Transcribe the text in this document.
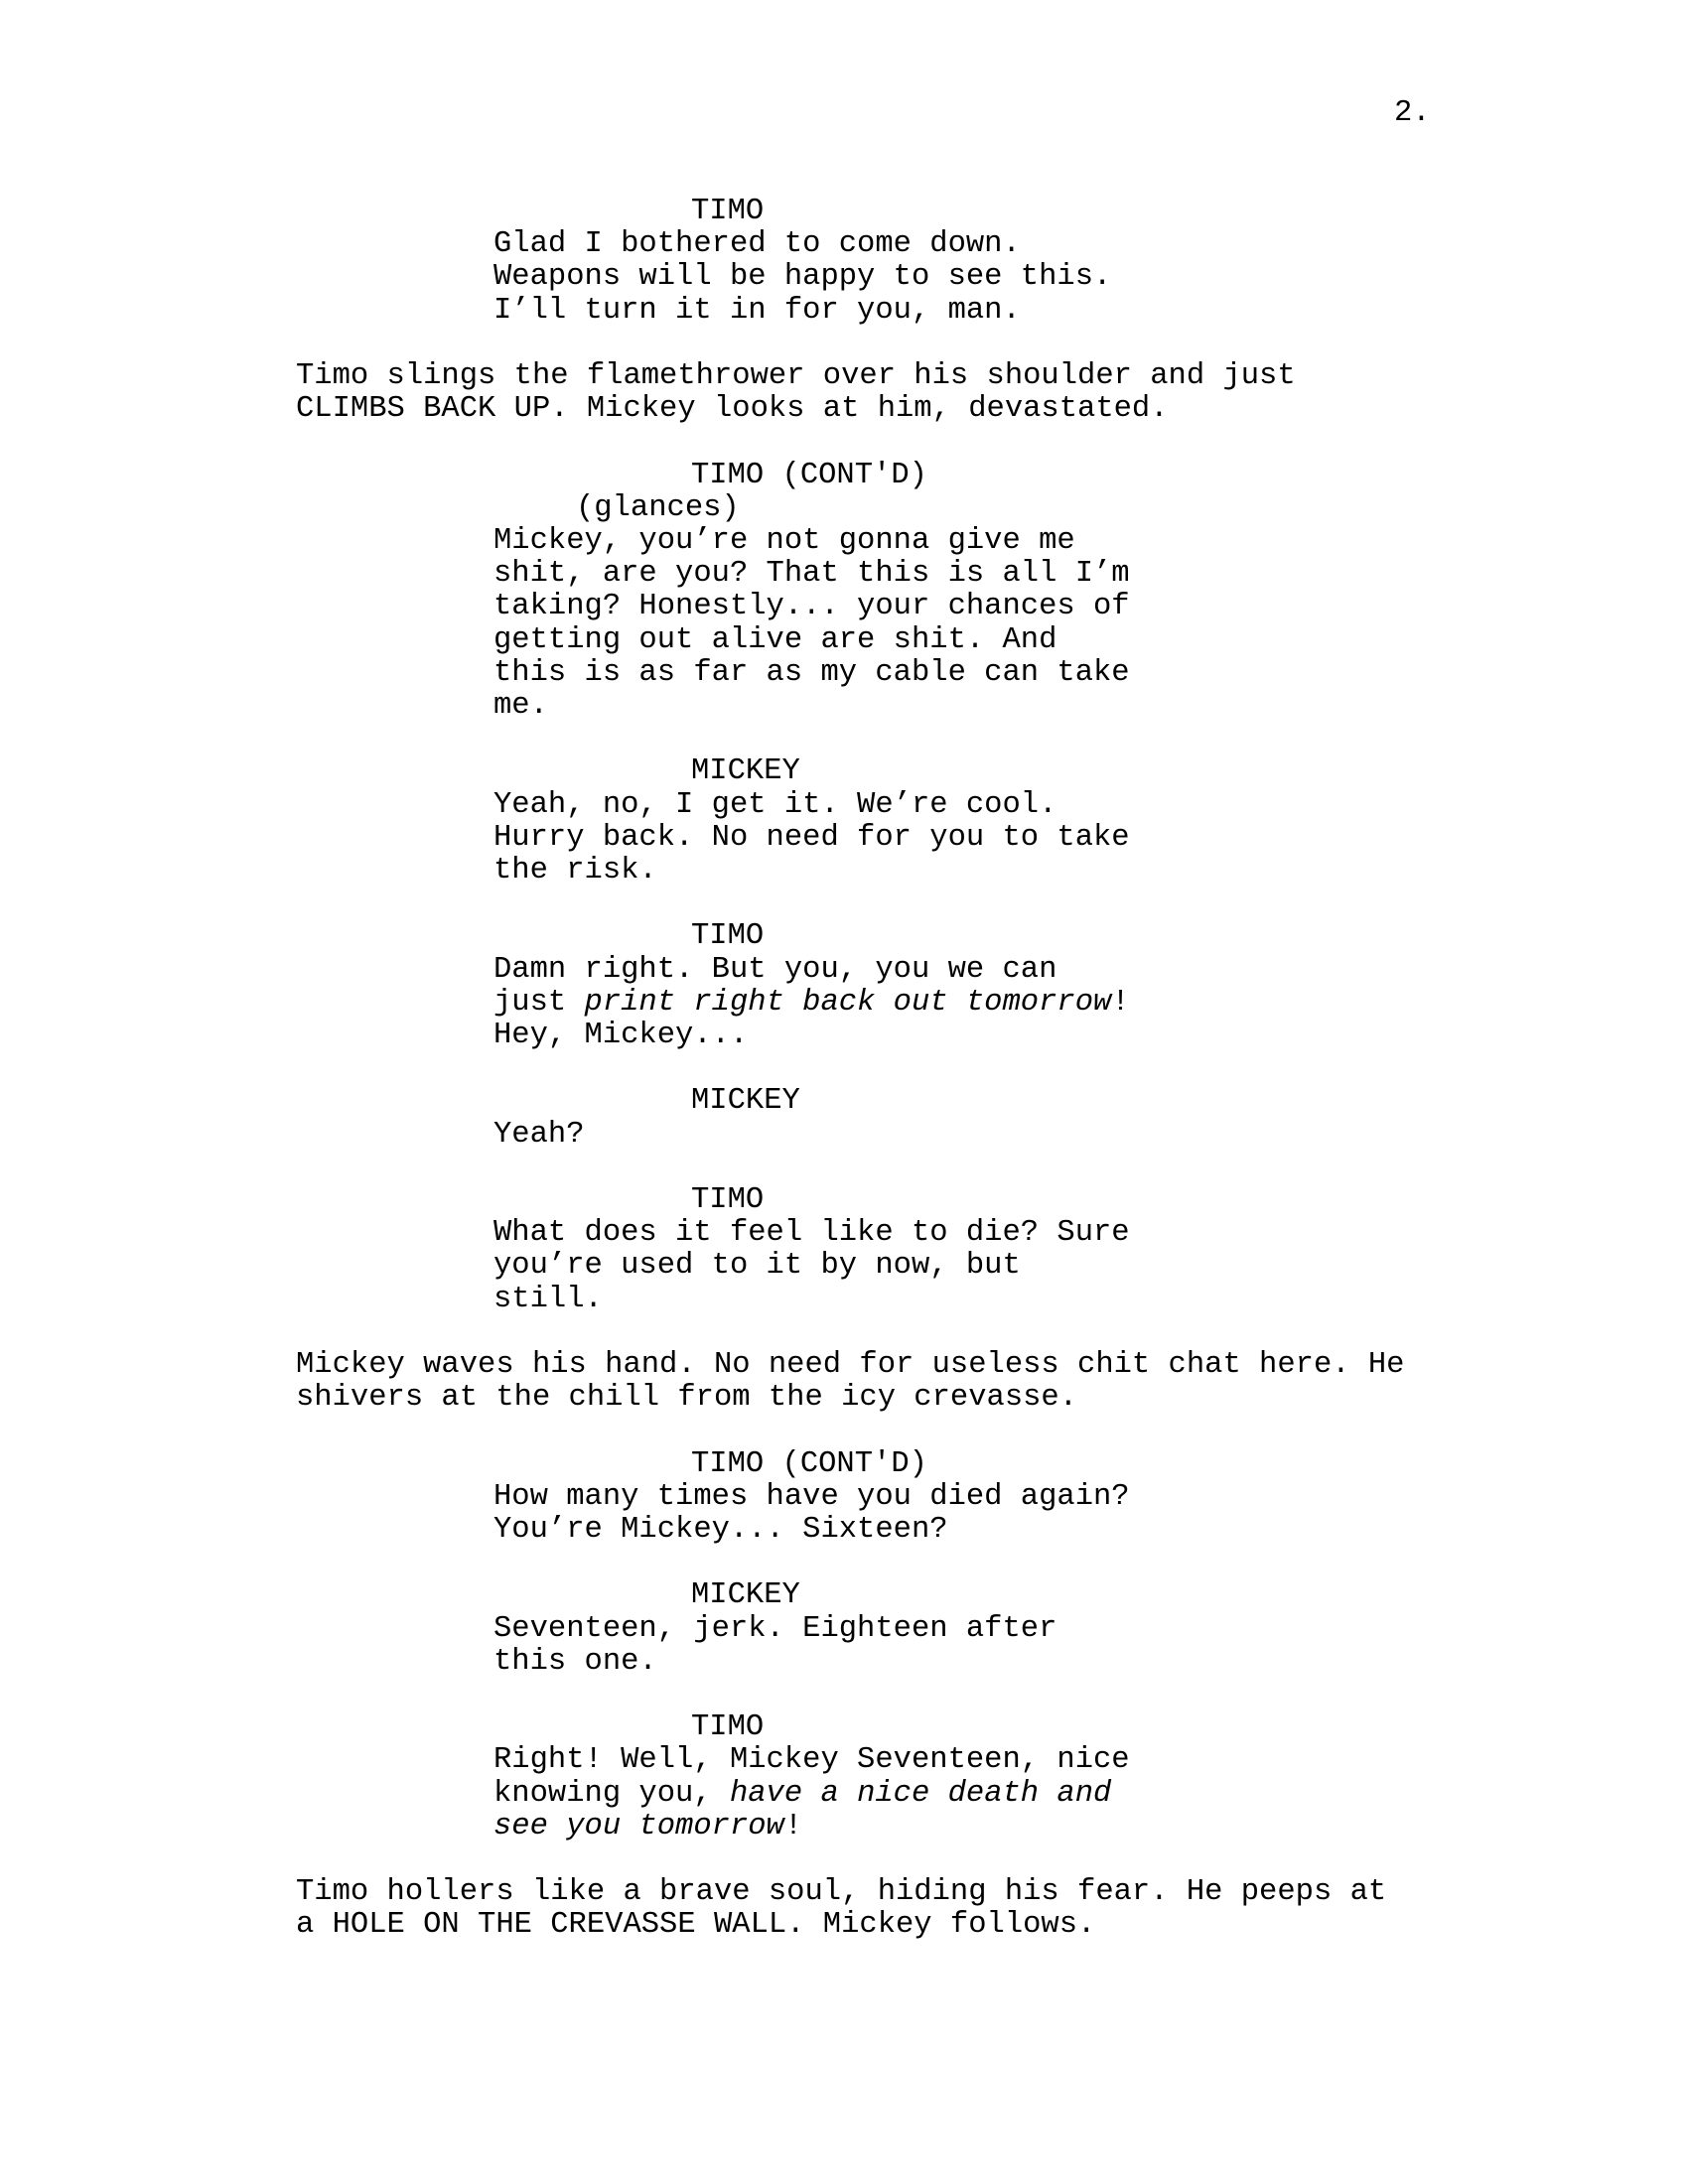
2.
TIMO
Glad I bothered to come down.
Weapons will be happy to see this.
I’ll turn it in for you, man.
Timo slings the flamethrower over his shoulder and just
CLIMBS BACK UP. Mickey looks at him, devastated.
TIMO (CONT'D)
(glances)
Mickey, you’re not gonna give me
shit, are you? That this is all I’m
taking? Honestly... your chances of
getting out alive are shit. And
this is as far as my cable can take
me.
MICKEY
Yeah, no, I get it. We’re cool.
Hurry back. No need for you to take
the risk.
TIMO
Damn right. But you, you we can
just print right back out tomorrow!
Hey, Mickey...
MICKEY
Yeah?
TIMO
What does it feel like to die? Sure
you’re used to it by now, but
still.
Mickey waves his hand. No need for useless chit chat here. He
shivers at the chill from the icy crevasse.
TIMO (CONT'D)
How many times have you died again?
You’re Mickey... Sixteen?
MICKEY
Seventeen, jerk. Eighteen after
this one.
TIMO
Right! Well, Mickey Seventeen, nice
knowing you, have a nice death and
see you tomorrow!
Timo hollers like a brave soul, hiding his fear. He peeps at
a HOLE ON THE CREVASSE WALL. Mickey follows.
